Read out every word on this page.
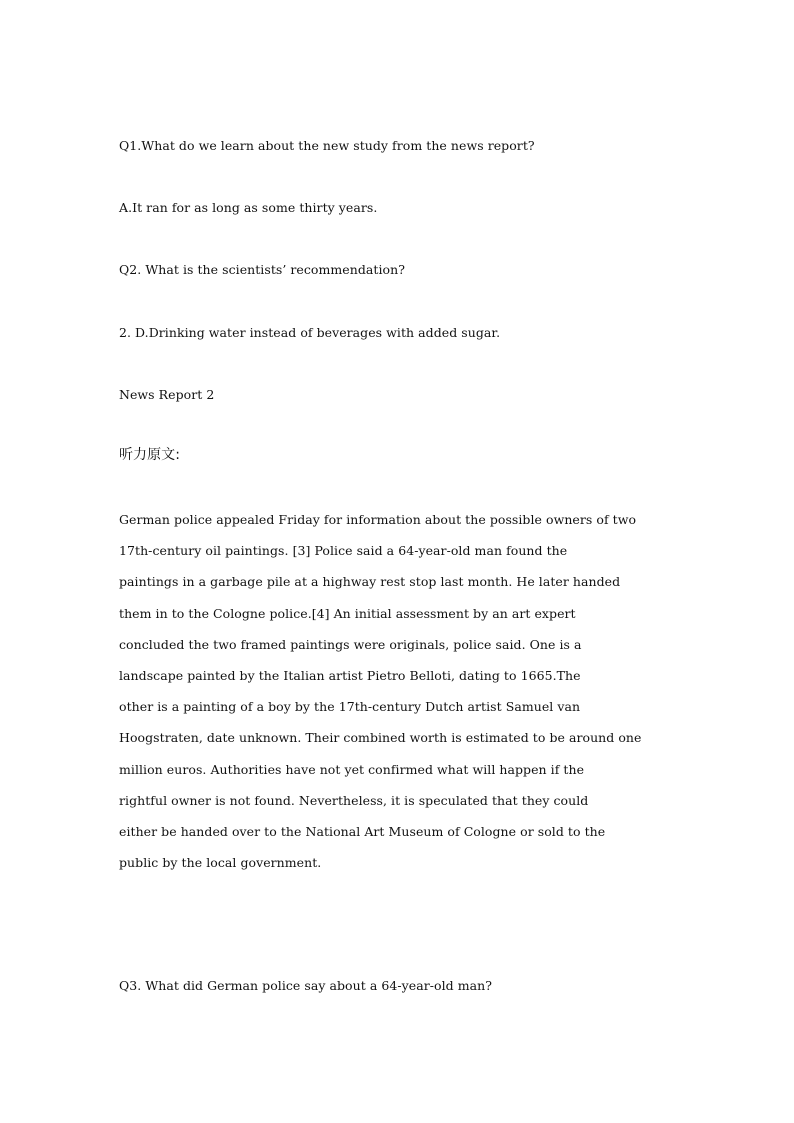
Q1.What do we learn about the new study from the news report?
A.It ran for as long as some thirty years.
Q2. What is the scientists’ recommendation?
2. D.Drinking water instead of beverages with added sugar.
News Report 2
听力原文:
German police appealed Friday for information about the possible owners of two
17th-century oil paintings. [3] Police said a 64-year-old man found the
paintings in a garbage pile at a highway rest stop last month. He later handed
them in to the Cologne police.[4] An initial assessment by an art expert
concluded the two framed paintings were originals, police said. One is a
landscape painted by the Italian artist Pietro Belloti, dating to 1665.The
other is a painting of a boy by the 17th-century Dutch artist Samuel van
Hoogstraten, date unknown. Their combined worth is estimated to be around one
million euros. Authorities have not yet confirmed what will happen if the
rightful owner is not found. Nevertheless, it is speculated that they could
either be handed over to the National Art Museum of Cologne or sold to the
public by the local government.
Q3. What did German police say about a 64-year-old man?
